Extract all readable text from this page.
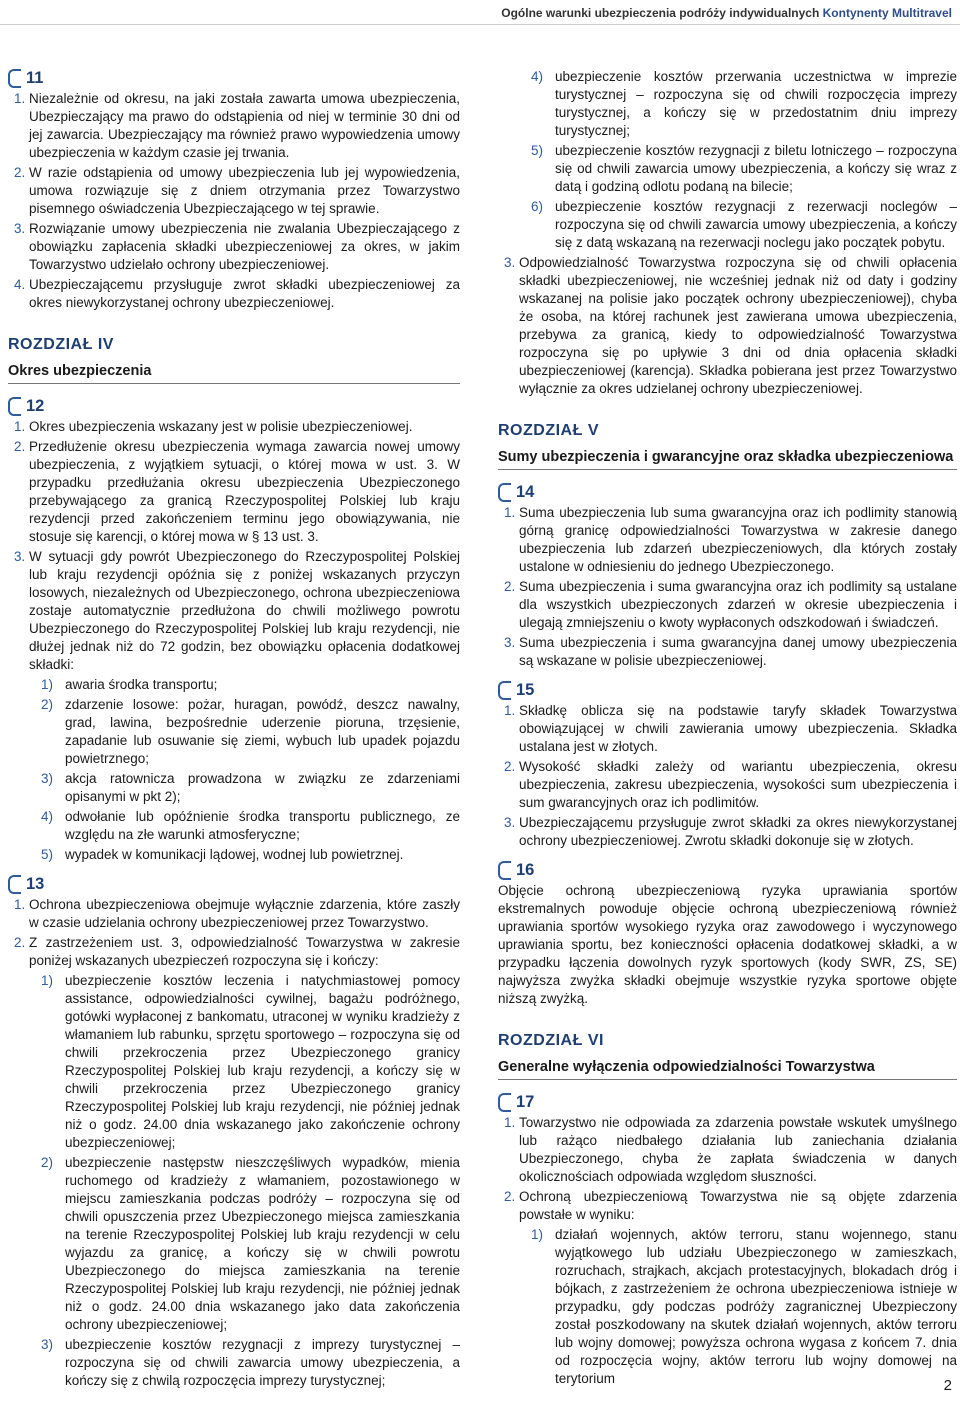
Ogólne warunki ubezpieczenia podróży indywidualnych Kontynenty Multitravel
11
1. Niezależnie od okresu, na jaki została zawarta umowa ubezpieczenia, Ubezpieczający ma prawo do odstąpienia od niej w terminie 30 dni od jej zawarcia. Ubezpieczający ma również prawo wypowiedzenia umowy ubezpieczenia w każdym czasie jej trwania.
2. W razie odstąpienia od umowy ubezpieczenia lub jej wypowiedzenia, umowa rozwiązuje się z dniem otrzymania przez Towarzystwo pisemnego oświadczenia Ubezpieczającego w tej sprawie.
3. Rozwiązanie umowy ubezpieczenia nie zwalania Ubezpieczającego z obowiązku zapłacenia składki ubezpieczeniowej za okres, w jakim Towarzystwo udzielało ochrony ubezpieczeniowej.
4. Ubezpieczającemu przysługuje zwrot składki ubezpieczeniowej za okres niewykorzystanej ochrony ubezpieczeniowej.
ROZDZIAŁ IV
Okres ubezpieczenia
12
1. Okres ubezpieczenia wskazany jest w polisie ubezpieczeniowej.
2. Przedłużenie okresu ubezpieczenia wymaga zawarcia nowej umowy ubezpieczenia, z wyjątkiem sytuacji, o której mowa w ust. 3. W przypadku przedłużania okresu ubezpieczenia Ubezpieczonego przebywającego za granicą Rzeczypospolitej Polskiej lub kraju rezydencji przed zakończeniem terminu jego obowiązywania, nie stosuje się karencji, o której mowa w § 13 ust. 3.
3. W sytuacji gdy powrót Ubezpieczonego do Rzeczypospolitej Polskiej lub kraju rezydencji opóźnia się z poniżej wskazanych przyczyn losowych, niezależnych od Ubezpieczonego, ochrona ubezpieczeniowa zostaje automatycznie przedłużona do chwili możliwego powrotu Ubezpieczonego do Rzeczypospolitej Polskiej lub kraju rezydencji, nie dłużej jednak niż do 72 godzin, bez obowiązku opłacenia dodatkowej składki:
1) awaria środka transportu;
2) zdarzenie losowe: pożar, huragan, powódź, deszcz nawalny, grad, lawina, bezpośrednie uderzenie pioruna, trzęsienie, zapadanie lub osuwanie się ziemi, wybuch lub upadek pojazdu powietrznego;
3) akcja ratownicza prowadzona w związku ze zdarzeniami opisanymi w pkt 2);
4) odwołanie lub opóźnienie środka transportu publicznego, ze względu na złe warunki atmosferyczne;
5) wypadek w komunikacji lądowej, wodnej lub powietrznej.
13
1. Ochrona ubezpieczeniowa obejmuje wyłącznie zdarzenia, które zaszły w czasie udzielania ochrony ubezpieczeniowej przez Towarzystwo.
2. Z zastrzeżeniem ust. 3, odpowiedzialność Towarzystwa w zakresie poniżej wskazanych ubezpieczeń rozpoczyna się i kończy:
1) ubezpieczenie kosztów leczenia i natychmiastowej pomocy assistance, odpowiedzialności cywilnej, bagażu podróżnego, gotówki wypłaconej z bankomatu, utraconej w wyniku kradzieży z włamaniem lub rabunku, sprzętu sportowego – rozpoczyna się od chwili przekroczenia przez Ubezpieczonego granicy Rzeczypospolitej Polskiej lub kraju rezydencji, a kończy się w chwili przekroczenia przez Ubezpieczonego granicy Rzeczypospolitej Polskiej lub kraju rezydencji, nie później jednak niż o godz. 24.00 dnia wskazanego jako zakończenie ochrony ubezpieczeniowej;
2) ubezpieczenie następstw nieszczęśliwych wypadków, mienia ruchomego od kradzieży z włamaniem, pozostawionego w miejscu zamieszkania podczas podróży – rozpoczyna się od chwili opuszczenia przez Ubezpieczonego miejsca zamieszkania na terenie Rzeczypospolitej Polskiej lub kraju rezydencji w celu wyjazdu za granicę, a kończy się w chwili powrotu Ubezpieczonego do miejsca zamieszkania na terenie Rzeczypospolitej Polskiej lub kraju rezydencji, nie później jednak niż o godz. 24.00 dnia wskazanego jako data zakończenia ochrony ubezpieczeniowej;
3) ubezpieczenie kosztów rezygnacji z imprezy turystycznej – rozpoczyna się od chwili zawarcia umowy ubezpieczenia, a kończy się z chwilą rozpoczęcia imprezy turystycznej;
4) ubezpieczenie kosztów przerwania uczestnictwa w imprezie turystycznej – rozpoczyna się od chwili rozpoczęcia imprezy turystycznej, a kończy się w przedostatnim dniu imprezy turystycznej;
5) ubezpieczenie kosztów rezygnacji z biletu lotniczego – rozpoczyna się od chwili zawarcia umowy ubezpieczenia, a kończy się wraz z datą i godziną odlotu podaną na bilecie;
6) ubezpieczenie kosztów rezygnacji z rezerwacji noclegów – rozpoczyna się od chwili zawarcia umowy ubezpieczenia, a kończy się z datą wskazaną na rezerwacji noclegu jako początek pobytu.
3. Odpowiedzialność Towarzystwa rozpoczyna się od chwili opłacenia składki ubezpieczeniowej, nie wcześniej jednak niż od daty i godziny wskazanej na polisie jako początek ochrony ubezpieczeniowej), chyba że osoba, na której rachunek jest zawierana umowa ubezpieczenia, przebywa za granicą, kiedy to odpowiedzialność Towarzystwa rozpoczyna się po upływie 3 dni od dnia opłacenia składki ubezpieczeniowej (karencja). Składka pobierana jest przez Towarzystwo wyłącznie za okres udzielanej ochrony ubezpieczeniowej.
ROZDZIAŁ V
Sumy ubezpieczenia i gwarancyjne oraz składka ubezpieczeniowa
14
1. Suma ubezpieczenia lub suma gwarancyjna oraz ich podlimity stanowią górną granicę odpowiedzialności Towarzystwa w zakresie danego ubezpieczenia lub zdarzeń ubezpieczeniowych, dla których zostały ustalone w odniesieniu do jednego Ubezpieczonego.
2. Suma ubezpieczenia i suma gwarancyjna oraz ich podlimity są ustalane dla wszystkich ubezpieczonych zdarzeń w okresie ubezpieczenia i ulegają zmniejszeniu o kwoty wypłaconych odszkodowań i świadczeń.
3. Suma ubezpieczenia i suma gwarancyjna danej umowy ubezpieczenia są wskazane w polisie ubezpieczeniowej.
15
1. Składkę oblicza się na podstawie taryfy składek Towarzystwa obowiązującej w chwili zawierania umowy ubezpieczenia. Składka ustalana jest w złotych.
2. Wysokość składki zależy od wariantu ubezpieczenia, okresu ubezpieczenia, zakresu ubezpieczenia, wysokości sum ubezpieczenia i sum gwarancyjnych oraz ich podlimitów.
3. Ubezpieczającemu przysługuje zwrot składki za okres niewykorzystanej ochrony ubezpieczeniowej. Zwrotu składki dokonuje się w złotych.
16
Objęcie ochroną ubezpieczeniową ryzyka uprawiania sportów ekstremalnych powoduje objęcie ochroną ubezpieczeniową również uprawiania sportów wysokiego ryzyka oraz zawodowego i wyczynowego uprawiania sportu, bez konieczności opłacenia dodatkowej składki, a w przypadku łączenia dowolnych ryzyk sportowych (kody SWR, ZS, SE) najwyższa zwyżka składki obejmuje wszystkie ryzyka sportowe objęte niższą zwyżką.
ROZDZIAŁ VI
Generalne wyłączenia odpowiedzialności Towarzystwa
17
1. Towarzystwo nie odpowiada za zdarzenia powstałe wskutek umyślnego lub rażąco niedbałego działania lub zaniechania działania Ubezpieczonego, chyba że zapłata świadczenia w danych okolicznościach odpowiada względom słuszności.
2. Ochroną ubezpieczeniową Towarzystwa nie są objęte zdarzenia powstałe w wyniku:
1) działań wojennych, aktów terroru, stanu wojennego, stanu wyjątkowego lub udziału Ubezpieczonego w zamieszkach, rozruchach, strajkach, akcjach protestacyjnych, blokadach dróg i bójkach, z zastrzeżeniem że ochrona ubezpieczeniowa istnieje w przypadku, gdy podczas podróży zagranicznej Ubezpieczony został poszkodowany na skutek działań wojennych, aktów terroru lub wojny domowej; powyższa ochrona wygasa z końcem 7. dnia od rozpoczęcia wojny, aktów terroru lub wojny domowej na terytorium	2
